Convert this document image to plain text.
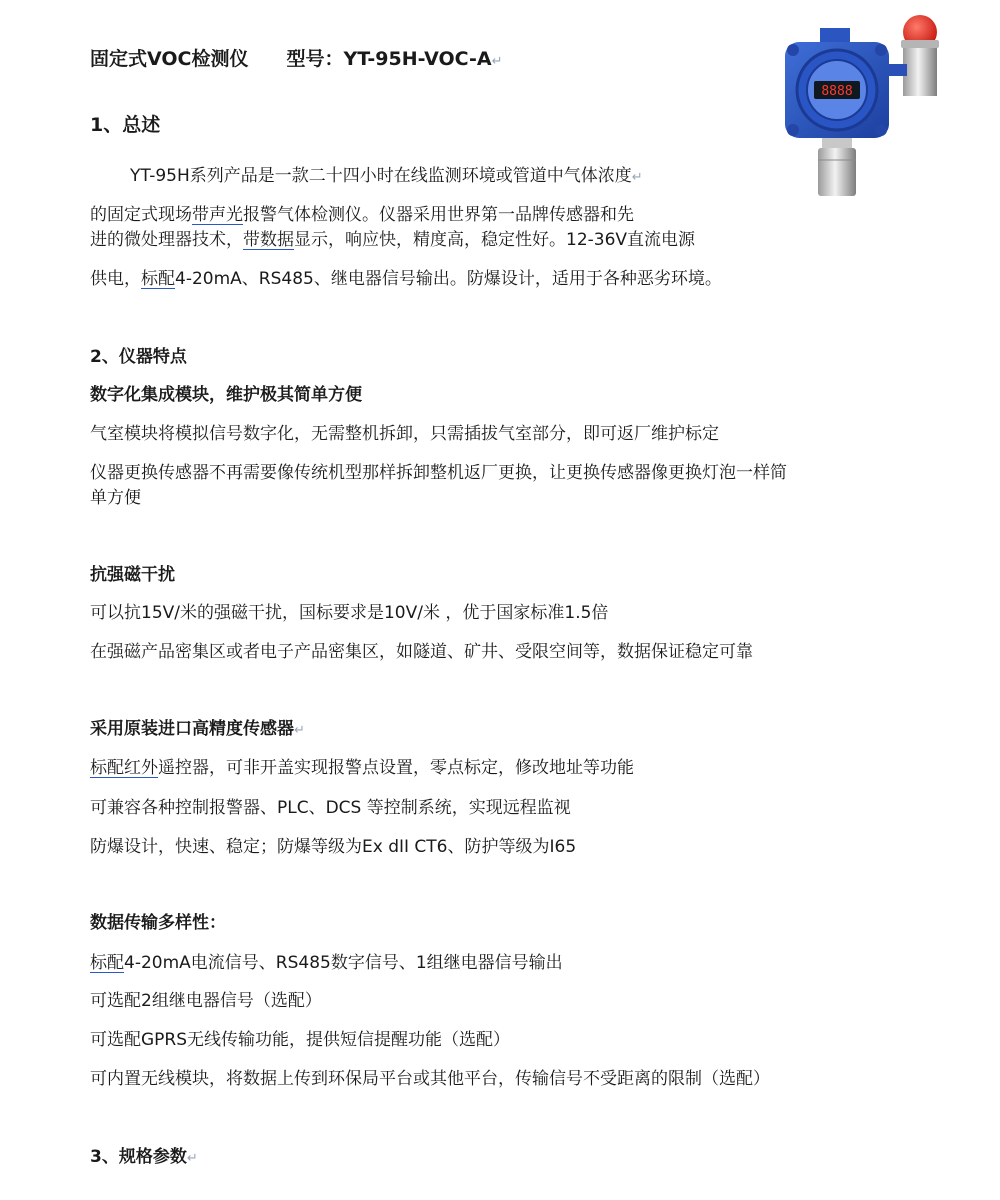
固定式VOC检测仪 型号：YT-95H-VOC-A↵
1、总述
YT-95H系列产品是一款二十四小时在线监测环境或管道中气体浓度↵
的固定式现场带声光报警气体检测仪。仪器采用世界第一品牌传感器和先
进的微处理器技术，带数据显示，响应快，精度高，稳定性好。12-36V直流电源
供电，标配4-20mA、RS485、继电器信号输出。防爆设计，适用于各种恶劣环境。
2、仪器特点
数字化集成模块，维护极其简单方便
气室模块将模拟信号数字化，无需整机拆卸，只需插拔气室部分，即可返厂维护标定
仪器更换传感器不再需要像传统机型那样拆卸整机返厂更换，让更换传感器像更换灯泡一样简
单方便
抗强磁干扰
可以抗15V/米的强磁干扰，国标要求是10V/米 ，优于国家标准1.5倍
在强磁产品密集区或者电子产品密集区，如隧道、矿井、受限空间等，数据保证稳定可靠
采用原装进口高精度传感器↵
标配红外遥控器，可非开盖实现报警点设置，零点标定，修改地址等功能
可兼容各种控制报警器、PLC、DCS 等控制系统，实现远程监视
防爆设计，快速、稳定；防爆等级为Ex dII CT6、防护等级为I65
数据传输多样性：
标配4-20mA电流信号、RS485数字信号、1组继电器信号输出
可选配2组继电器信号（选配）
可选配GPRS无线传输功能，提供短信提醒功能（选配）
可内置无线模块，将数据上传到环保局平台或其他平台，传输信号不受距离的限制（选配）
3、规格参数↵
8888
